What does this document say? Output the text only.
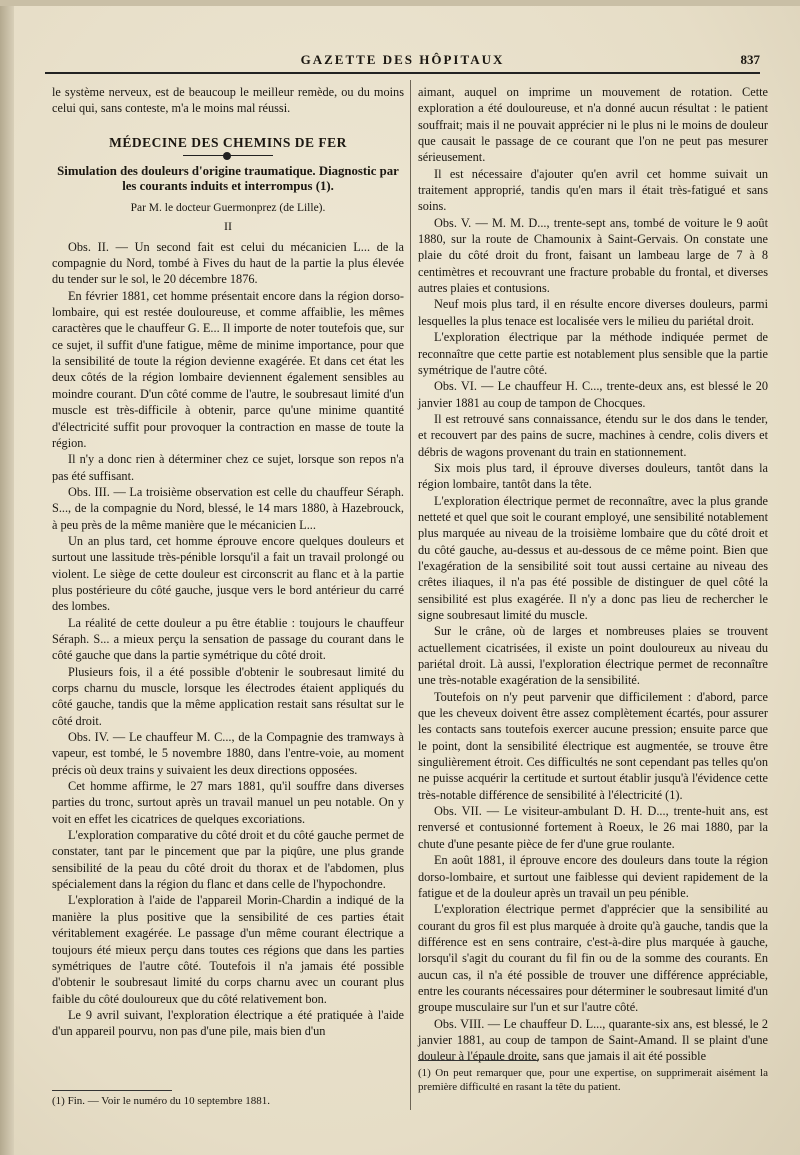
GAZETTE DES HÔPITAUX	837

le système nerveux, est de beaucoup le meilleur remède, ou du moins celui qui, sans conteste, m'a le moins mal réussi.

MÉDECINE DES CHEMINS DE FER
Simulation des douleurs d'origine traumatique. Diagnostic par les courants induits et interrompus (1).
Par M. le docteur Guermonprez (de Lille).
II

Obs. II. — Un second fait est celui du mécanicien L... de la compagnie du Nord, tombé à Fives du haut de la partie la plus élevée du tender sur le sol, le 20 décembre 1876.

En février 1881, cet homme présentait encore dans la région dorso-lombaire, qui est restée douloureuse, et comme affaiblie, les mêmes caractères que le chauffeur G. E... Il importe de noter toutefois que, sur ce sujet, il suffit d'une fatigue, même de minime importance, pour que la sensibilité de toute la région devienne exagérée. Et dans cet état les deux côtés de la région lombaire deviennent également sensibles au moindre courant. D'un côté comme de l'autre, le soubresaut limité d'un muscle est très-difficile à obtenir, parce qu'une minime quantité d'électricité suffit pour provoquer la contraction en masse de toute la région.

Il n'y a donc rien à déterminer chez ce sujet, lorsque son repos n'a pas été suffisant.

Obs. III. — La troisième observation est celle du chauffeur Séraph. S..., de la compagnie du Nord, blessé, le 14 mars 1880, à Hazebrouck, à peu près de la même manière que le mécanicien L...

Un an plus tard, cet homme éprouve encore quelques douleurs et surtout une lassitude très-pénible lorsqu'il a fait un travail prolongé ou violent. Le siège de cette douleur est circonscrit au flanc et à la partie plus postérieure du côté gauche, jusque vers le bord antérieur du carré des lombes.

La réalité de cette douleur a pu être établie : toujours le chauffeur Séraph. S... a mieux perçu la sensation de passage du courant dans le côté gauche que dans la partie symétrique du côté droit.

Plusieurs fois, il a été possible d'obtenir le soubresaut limité du corps charnu du muscle, lorsque les électrodes étaient appliqués du côté gauche, tandis que la même application restait sans résultat sur le côté droit.

Obs. IV. — Le chauffeur M. C..., de la Compagnie des tramways à vapeur, est tombé, le 5 novembre 1880, dans l'entre-voie, au moment précis où deux trains y suivaient les deux directions opposées.

Cet homme affirme, le 27 mars 1881, qu'il souffre dans diverses parties du tronc, surtout après un travail manuel un peu notable. On y voit en effet les cicatrices de quelques excoriations.

L'exploration comparative du côté droit et du côté gauche permet de constater, tant par le pincement que par la piqûre, une plus grande sensibilité de la peau du côté droit du thorax et de l'abdomen, plus spécialement dans la région du flanc et dans celle de l'hypochondre.

L'exploration à l'aide de l'appareil Morin-Chardin a indiqué de la manière la plus positive que la sensibilité de ces parties était véritablement exagérée. Le passage d'un même courant électrique a toujours été mieux perçu dans toutes ces régions que dans les parties symétriques de l'autre côté. Toutefois il n'a jamais été possible d'obtenir le soubresaut limité du corps charnu avec un courant plus faible du côté douloureux que du côté relativement bon.

Le 9 avril suivant, l'exploration électrique a été pratiquée à l'aide d'un appareil pourvu, non pas d'une pile, mais bien d'un

(1) Fin. — Voir le numéro du 10 septembre 1881.

aimant, auquel on imprime un mouvement de rotation. Cette exploration a été douloureuse, et n'a donné aucun résultat : le patient souffrait; mais il ne pouvait apprécier ni le plus ni le moins de douleur que causait le passage de ce courant que l'on ne peut pas mesurer sérieusement.

Il est nécessaire d'ajouter qu'en avril cet homme suivait un traitement approprié, tandis qu'en mars il était très-fatigué et sans soins.

Obs. V. — M. M. D..., trente-sept ans, tombé de voiture le 9 août 1880, sur la route de Chamounix à Saint-Gervais. On constate une plaie du côté droit du front, faisant un lambeau large de 7 à 8 centimètres et recouvrant une fracture probable du frontal, et diverses autres plaies et contusions.

Neuf mois plus tard, il en résulte encore diverses douleurs, parmi lesquelles la plus tenace est localisée vers le milieu du pariétal droit.

L'exploration électrique par la méthode indiquée permet de reconnaître que cette partie est notablement plus sensible que la partie symétrique de l'autre côté.

Obs. VI. — Le chauffeur H. C..., trente-deux ans, est blessé le 20 janvier 1881 au coup de tampon de Chocques.

Il est retrouvé sans connaissance, étendu sur le dos dans le tender, et recouvert par des pains de sucre, machines à cendre, colis divers et débris de wagons provenant du train en stationnement.

Six mois plus tard, il éprouve diverses douleurs, tantôt dans la région lombaire, tantôt dans la tête.

L'exploration électrique permet de reconnaître, avec la plus grande netteté et quel que soit le courant employé, une sensibilité notablement plus marquée au niveau de la troisième lombaire que du côté droit et du côté gauche, au-dessus et au-dessous de ce même point. Bien que l'exagération de la sensibilité soit tout aussi certaine au niveau des crêtes iliaques, il n'a pas été possible de distinguer de quel côté la sensibilité est plus exagérée. Il n'y a donc pas lieu de rechercher le signe soubresaut limité du muscle.

Sur le crâne, où de larges et nombreuses plaies se trouvent actuellement cicatrisées, il existe un point douloureux au niveau du pariétal droit. Là aussi, l'exploration électrique permet de reconnaître une très-notable exagération de la sensibilité.

Toutefois on n'y peut parvenir que difficilement : d'abord, parce que les cheveux doivent être assez complètement écartés, pour assurer les contacts sans toutefois exercer aucune pression; ensuite parce que le point, dont la sensibilité électrique est augmentée, se trouve être singulièrement étroit. Ces difficultés ne sont cependant pas telles qu'on ne puisse acquérir la certitude et surtout établir jusqu'à l'évidence cette très-notable différence de sensibilité à l'électricité (1).

Obs. VII. — Le visiteur-ambulant D. H. D..., trente-huit ans, est renversé et contusionné fortement à Roeux, le 26 mai 1880, par la chute d'une pesante pièce de fer d'une grue roulante.

En août 1881, il éprouve encore des douleurs dans toute la région dorso-lombaire, et surtout une faiblesse qui devient rapidement de la fatigue et de la douleur après un travail un peu pénible.

L'exploration électrique permet d'apprécier que la sensibilité au courant du gros fil est plus marquée à droite qu'à gauche, tandis que la différence est en sens contraire, c'est-à-dire plus marquée à gauche, lorsqu'il s'agit du courant du fil fin ou de la somme des courants. En aucun cas, il n'a été possible de trouver une différence appréciable, entre les courants nécessaires pour déterminer le soubresaut limité d'un groupe musculaire sur l'un et sur l'autre côté.

Obs. VIII. — Le chauffeur D. L..., quarante-six ans, est blessé, le 2 janvier 1881, au coup de tampon de Saint-Amand. Il se plaint d'une douleur à l'épaule droite, sans que jamais il ait été possible

(1) On peut remarquer que, pour une expertise, on supprimerait aisément la première difficulté en rasant la tête du patient.
